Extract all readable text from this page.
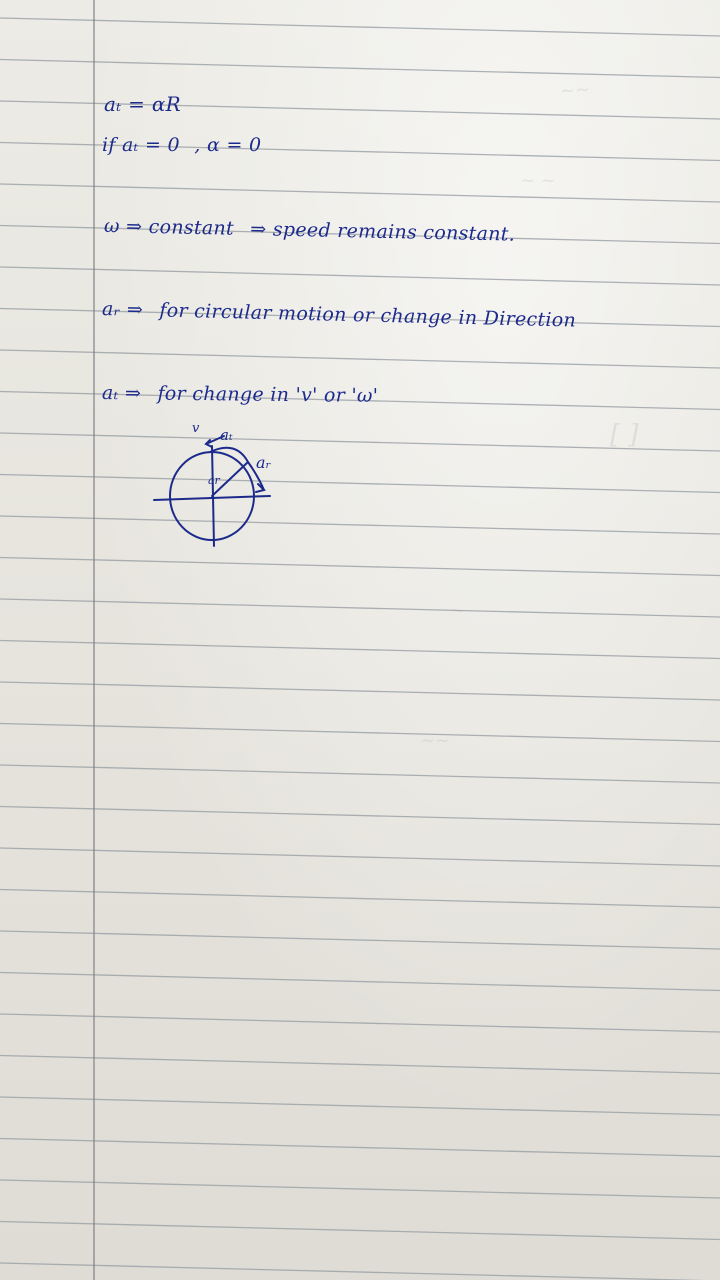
~~
~ ~
[ ]
~
~~
aₜ = αR
if aₜ = 0 , α = 0
ω ⇒ constant ⇒ speed remains constant.
aᵣ ⇒ for circular motion or change in Direction
aₜ ⇒ for change in 'v' or 'ω'
v aₜ
aᵣ
ar
